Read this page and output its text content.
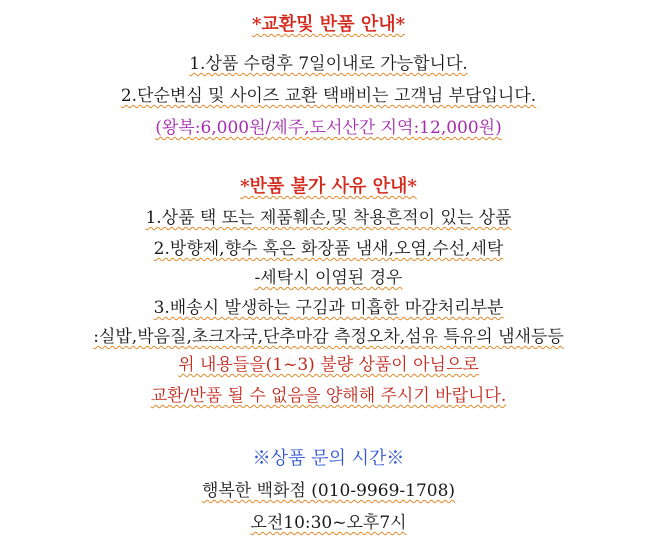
*교환및 반품 안내*
1.상품 수령후 7일이내로 가능합니다.
2.단순변심 및 사이즈 교환 택배비는 고객님 부담입니다.
(왕복:6,000원/제주,도서산간 지역:12,000원)
*반품 불가 사유 안내*
1.상품 택 또는 제품훼손,및 착용흔적이 있는 상품
2.방향제,향수 혹은 화장품 냄새,오염,수선,세탁
-세탁시 이염된 경우
3.배송시 발생하는 구김과 미흡한 마감처리부분
:실밥,박음질,초크자국,단추마감 측정오차,섬유 특유의 냄새등등
위 내용들을(1~3) 불량 상품이 아님으로
교환/반품 될 수 없음을 양해해 주시기 바랍니다.
※상품 문의 시간※
행복한 백화점 (010-9969-1708)
오전10:30~오후7시
